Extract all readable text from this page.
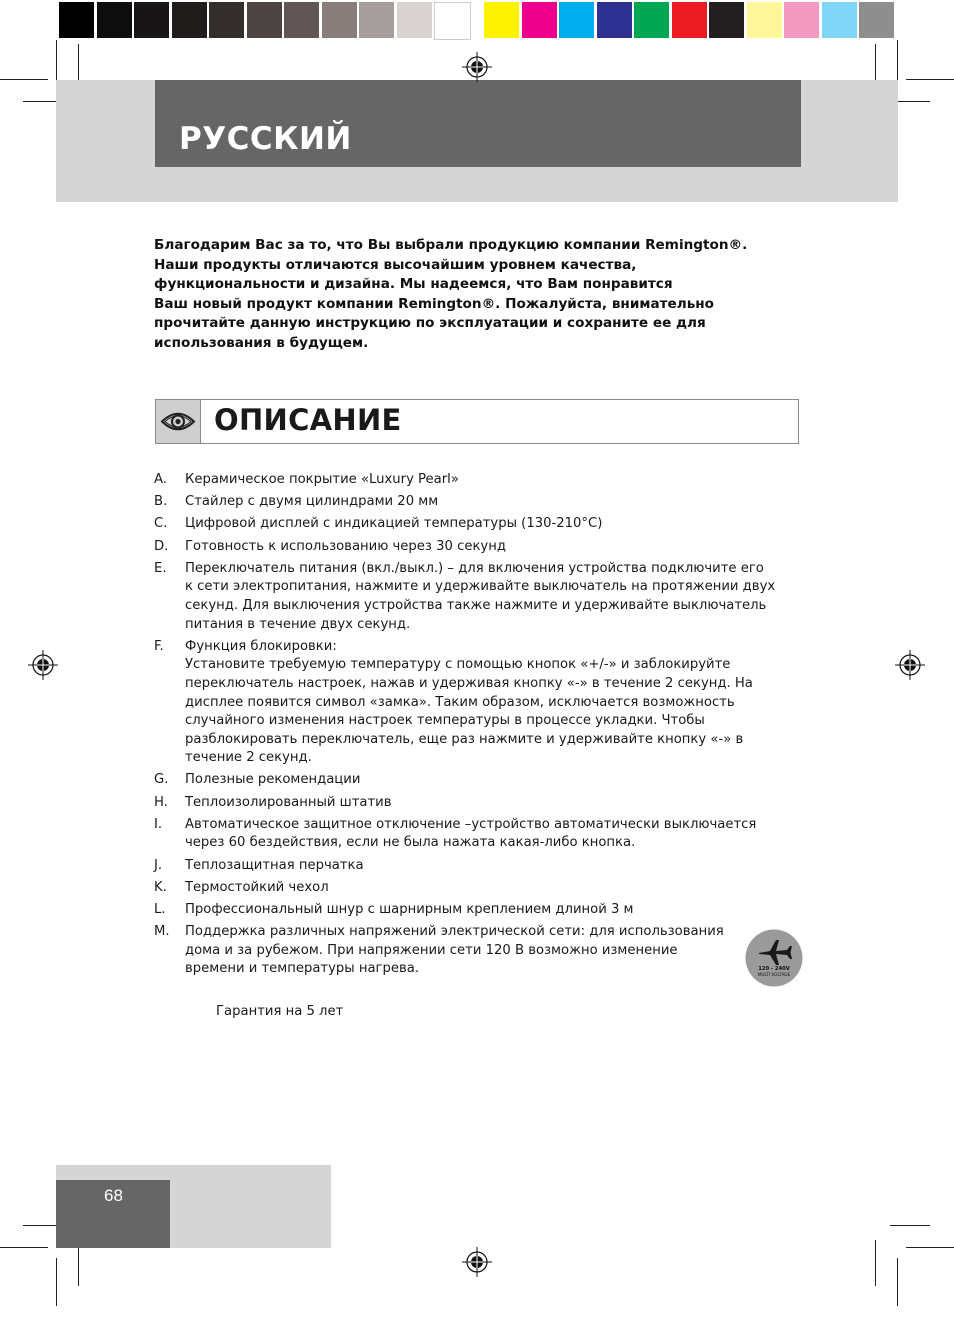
РУССКИЙ

Благодарим Вас за то, что Вы выбрали продукцию компании Remington®.

Наши продукты отличаются высочайшим уровнем качества,

функциональности и дизайна. Мы надеемся, что Вам понравится

Ваш новый продукт компании Remington®. Пожалуйста, внимательно

прочитайте данную инструкцию по эксплуатации и сохраните ее для

использования в будущем.

ОПИСАНИЕ
A. Керамическое покрытие «Luxury Pearl»
B. Стайлер с двумя цилиндрами 20 мм
C. Цифровой дисплей с индикацией температуры (130-210°C)
D. Готовность к использованию через 30 секунд
E. Переключатель питания (вкл./выкл.) – для включения устройства подключите его
к сети электропитания, нажмите и удерживайте выключатель на протяжении двух
секунд. Для выключения устройства также нажмите и удерживайте выключатель
питания в течение двух секунд.
F. Функция блокировки:
Установите требуемую температуру с помощью кнопок «+/-» и заблокируйте
переключатель настроек, нажав и удерживая кнопку «-» в течение 2 секунд. На
дисплее появится символ «замка». Таким образом, исключается возможность
случайного изменения настроек температуры в процессе укладки. Чтобы
разблокировать переключатель, еще раз нажмите и удерживайте кнопку «-» в
течение 2 секунд.
G. Полезные рекомендации
H. Теплоизолированный штатив
I. Автоматическое защитное отключение –устройство автоматически выключается
через 60 бездействия, если не была нажата какая-либо кнопка.
J. Теплозащитная перчатка
K. Термостойкий чехол
L. Профессиональный шнур с шарнирным креплением длиной 3 м
M. Поддержка различных напряжений электрической сети: для использования
дома и за рубежом. При напряжении сети 120 В возможно изменение
времени и температуры нагрева.
Гарантия на 5 лет
120 - 240V
MULTI VOLTAGE
68
